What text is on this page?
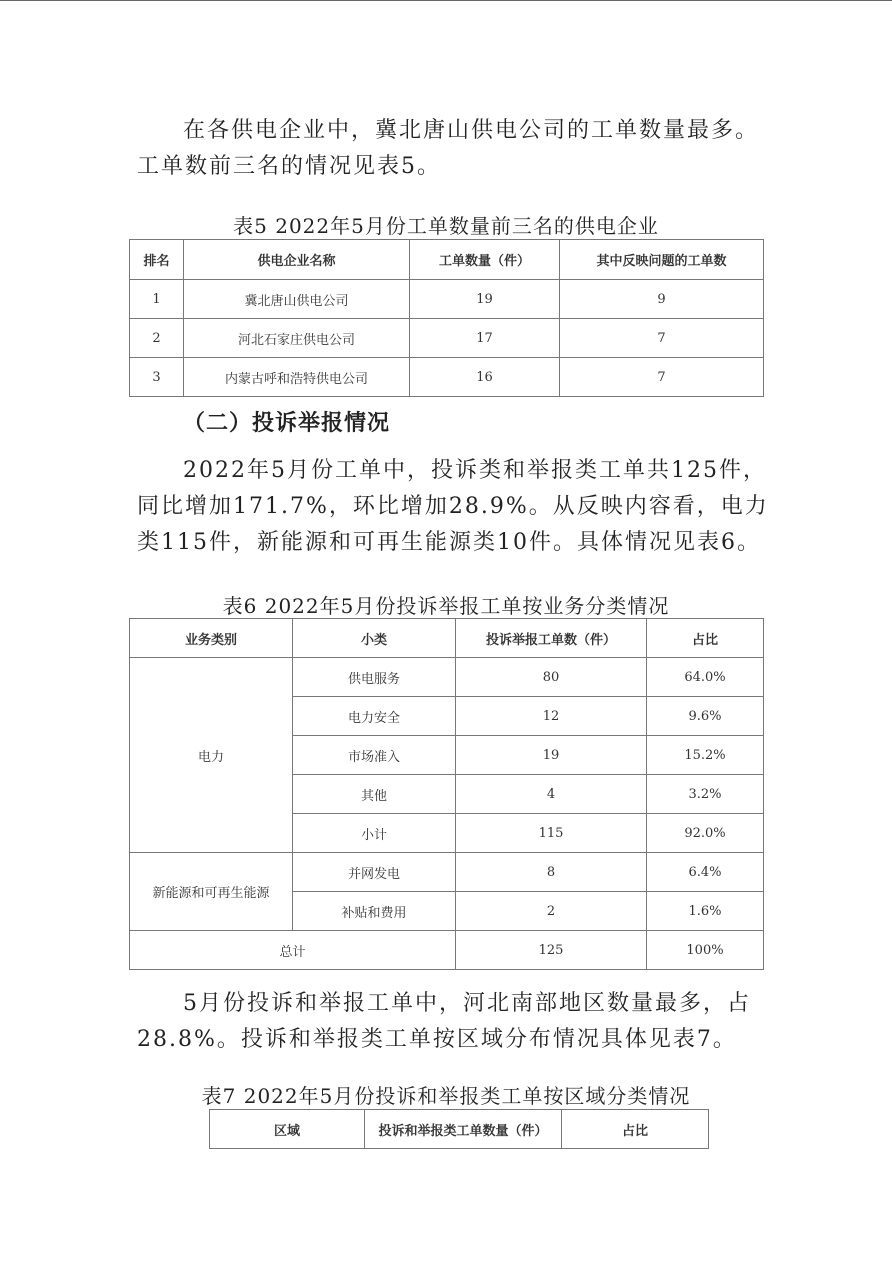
在各供电企业中，冀北唐山供电公司的工单数量最多。工单数前三名的情况见表5。

表5 2022年5月份工单数量前三名的供电企业
排名	供电企业名称	工单数量（件）	其中反映问题的工单数
1	冀北唐山供电公司	19	9
2	河北石家庄供电公司	17	7
3	内蒙古呼和浩特供电公司	16	7
（二）投诉举报情况

2022年5月份工单中，投诉类和举报类工单共125件，同比增加171.7%，环比增加28.9%。从反映内容看，电力类115件，新能源和可再生能源类10件。具体情况见表6。

表6 2022年5月份投诉举报工单按业务分类情况
业务类别	小类	投诉举报工单数（件）	占比
电力	供电服务	80	64.0%
	电力安全	12	9.6%
	市场准入	19	15.2%
	其他	4	3.2%
	小计	115	92.0%
新能源和可再生能源	并网发电	8	6.4%
	补贴和费用	2	1.6%
总计		125	100%

5月份投诉和举报工单中，河北南部地区数量最多，占28.8%。投诉和举报类工单按区域分布情况具体见表7。

表7 2022年5月份投诉和举报类工单按区域分类情况
区域	投诉和举报类工单数量（件）	占比
